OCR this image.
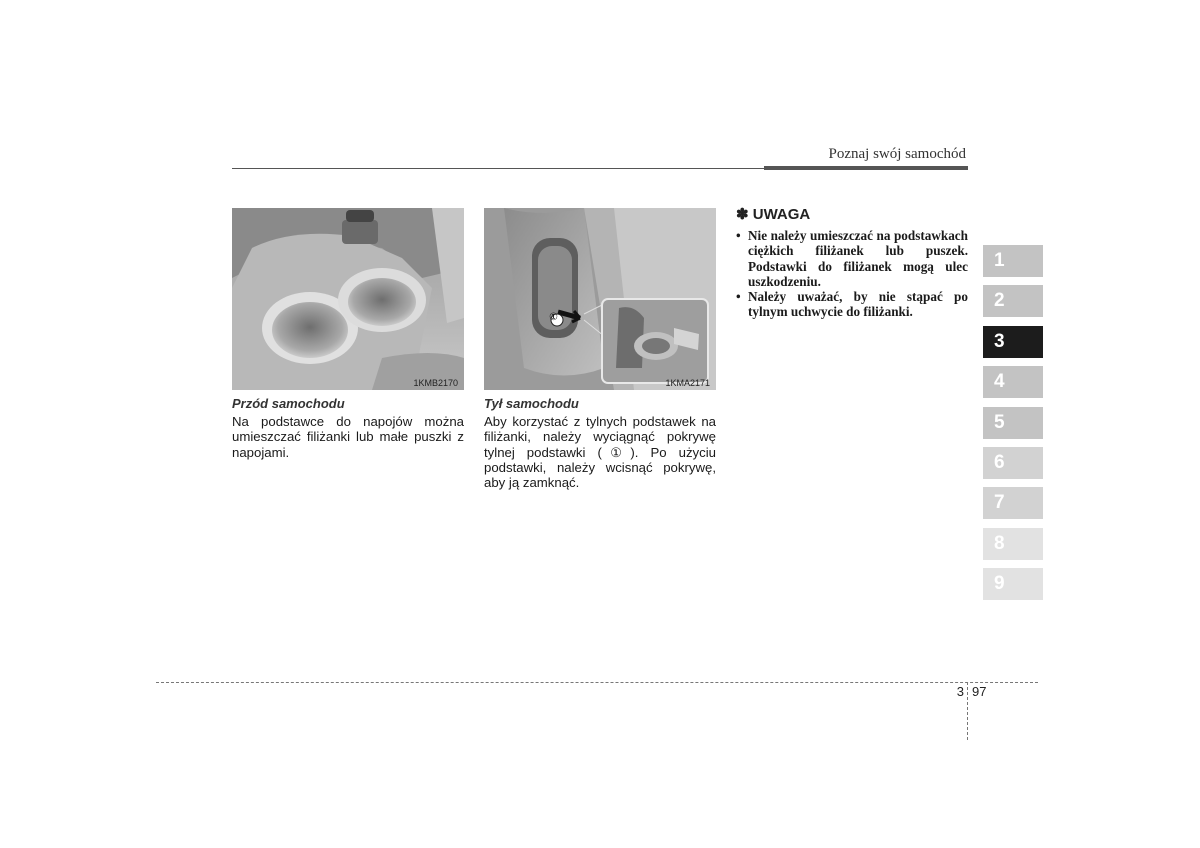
Poznaj swój samochód
1KMB2170
①
1KMA2171
Przód samochodu
Na podstawce do napojów można umieszczać filiżanki lub małe puszki z napojami.
Tył samochodu
Aby korzystać z tylnych podstawek na filiżanki, należy wyciągnąć pokrywę tylnej podstawki (①). Po użyciu podstawki, należy wcisnąć pokrywę, aby ją zamknąć.
✽ UWAGA
• Nie należy umieszczać na podstawkach ciężkich filiżanek lub puszek. Podstawki do filiżanek mogą ulec uszkodzeniu.
• Należy uważać, by nie stąpać po tylnym uchwycie do filiżanki.
1
2
3
4
5
6
7
8
9
3 97
